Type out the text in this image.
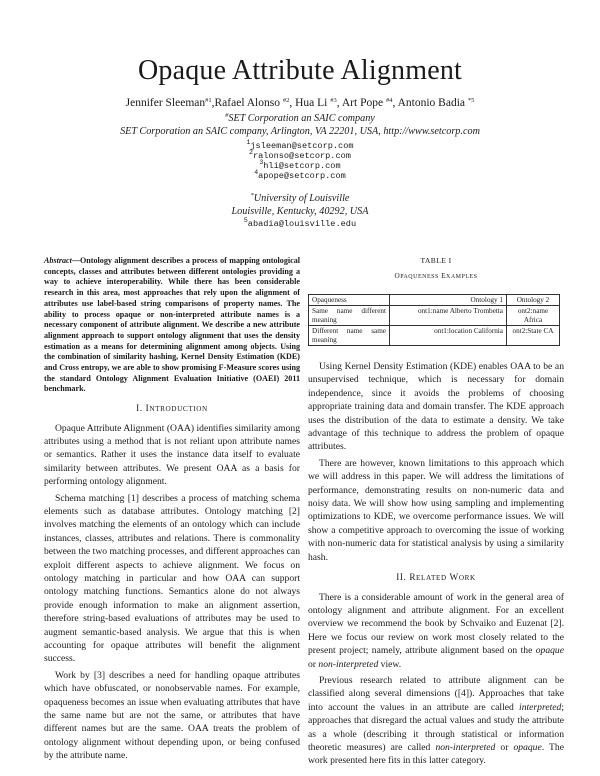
Opaque Attribute Alignment
Jennifer Sleeman$^{\#1}$,Rafael Alonso $^{\#2}$, Hua Li $^{\#3}$, Art Pope $^{\#4}$, Antonio Badia $^{*5}$
#SET Corporation an SAIC company
SET Corporation an SAIC company, Arlington, VA 22201, USA, http://www.setcorp.com
$^1$jsleeman@setcorp.com
$^2$ralonso@setcorp.com
$^3$hli@setcorp.com
$^4$apope@setcorp.com
*University of Louisville
Louisville, Kentucky, 40292, USA
$^5$abadia@louisville.edu
Abstract—Ontology alignment describes a process of mapping ontological concepts, classes and attributes between different ontologies providing a way to achieve interoperability. While there has been considerable research in this area, most approaches that rely upon the alignment of attributes use label-based string comparisons of property names. The ability to process opaque or non-interpreted attribute names is a necessary component of attribute alignment. We describe a new attribute alignment approach to support ontology alignment that uses the density estimation as a means for determining alignment among objects. Using the combination of similarity hashing, Kernel Density Estimation (KDE) and Cross entropy, we are able to show promising F-Measure scores using the standard Ontology Alignment Evaluation Initiative (OAEI) 2011 benchmark.
I. INTRODUCTION

Opaque Attribute Alignment (OAA) identifies similarity among attributes using a method that is not reliant upon attribute names or semantics. Rather it uses the instance data itself to evaluate similarity between attributes. We present OAA as a basis for performing ontology alignment.

Schema matching [1] describes a process of matching schema elements such as database attributes. Ontology matching [2] involves matching the elements of an ontology which can include instances, classes, attributes and relations. There is commonality between the two matching processes, and different approaches can exploit different aspects to achieve alignment. We focus on ontology matching in particular and how OAA can support ontology matching functions. Semantics alone do not always provide enough information to make an alignment assertion, therefore string-based evaluations of attributes may be used to augment semantic-based analysis. We argue that this is when accounting for opaque attributes will benefit the alignment success.

Work by [3] describes a need for handling opaque attributes which have obfuscated, or nonobservable names. For example, opaqueness becomes an issue when evaluating attributes that have the same name but are not the same, or attributes that have different names but are the same. OAA treats the problem of ontology alignment without depending upon, or being confused by the attribute name.

TABLE I
OPAQUENESS EXAMPLES
Opaqueness	Ontology 1	Ontology 2
Same name different meaning	ont1:name Alberto Trombetta	ont2:name Africa
Different name same meaning	ont1:location California	ont2:State CA

Using Kernel Density Estimation (KDE) enables OAA to be an unsupervised technique, which is necessary for domain independence, since it avoids the problems of choosing appropriate training data and domain transfer. The KDE approach uses the distribution of the data to estimate a density. We take advantage of this technique to address the problem of opaque attributes.

There are however, known limitations to this approach which we will address in this paper. We will address the limitations of performance, demonstrating results on non-numeric data and noisy data. We will show how using sampling and implementing optimizations to KDE, we overcome performance issues. We will show a competitive approach to overcoming the issue of working with non-numeric data for statistical analysis by using a similarity hash.

II. RELATED WORK

There is a considerable amount of work in the general area of ontology alignment and attribute alignment. For an excellent overview we recommend the book by Schvaiko and Euzenat [2]. Here we focus our review on work most closely related to the present project; namely, attribute alignment based on the opaque or non-interpreted view.

Previous research related to attribute alignment can be classified along several dimensions ([4]). Approaches that take into account the values in an attribute are called interpreted; approaches that disregard the actual values and study the attribute as a whole (describing it through statistical or information theoretic measures) are called non-interpreted or opaque. The work presented here fits in this latter category.
